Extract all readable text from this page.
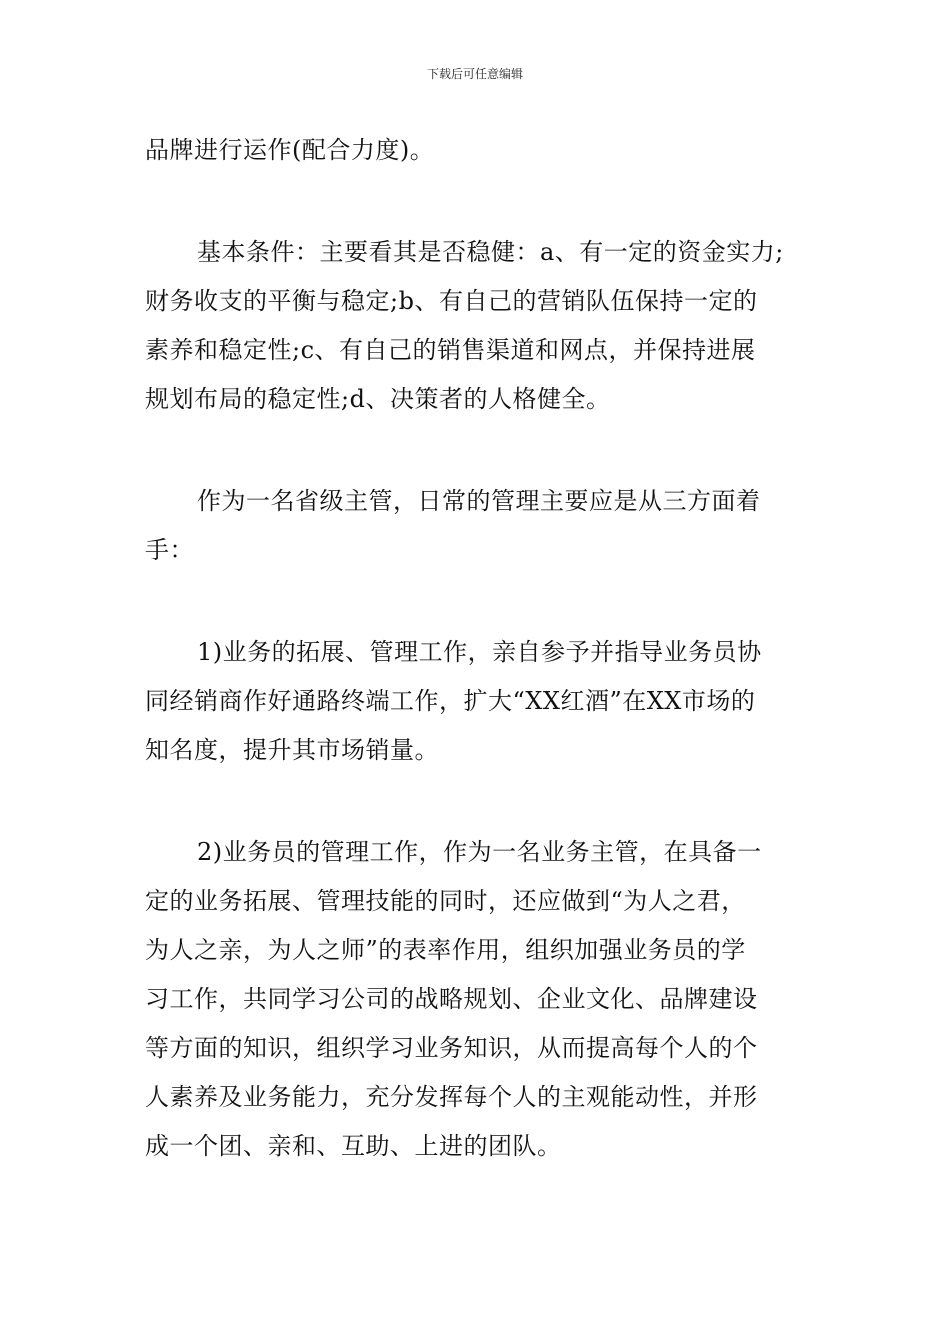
下载后可任意编辑

品牌进行运作(配合力度)。

基本条件：主要看其是否稳健：a、有一定的资金实力;
财务收支的平衡与稳定;b、有自己的营销队伍保持一定的
素养和稳定性;c、有自己的销售渠道和网点，并保持进展
规划布局的稳定性;d、决策者的人格健全。

作为一名省级主管，日常的管理主要应是从三方面着
手：

1)业务的拓展、管理工作，亲自参予并指导业务员协
同经销商作好通路终端工作，扩大“XX红酒”在XX市场的
知名度，提升其市场销量。

2)业务员的管理工作，作为一名业务主管，在具备一
定的业务拓展、管理技能的同时，还应做到“为人之君，
为人之亲，为人之师”的表率作用，组织加强业务员的学
习工作，共同学习公司的战略规划、企业文化、品牌建设
等方面的知识，组织学习业务知识，从而提高每个人的个
人素养及业务能力，充分发挥每个人的主观能动性，并形
成一个团、亲和、互助、上进的团队。
